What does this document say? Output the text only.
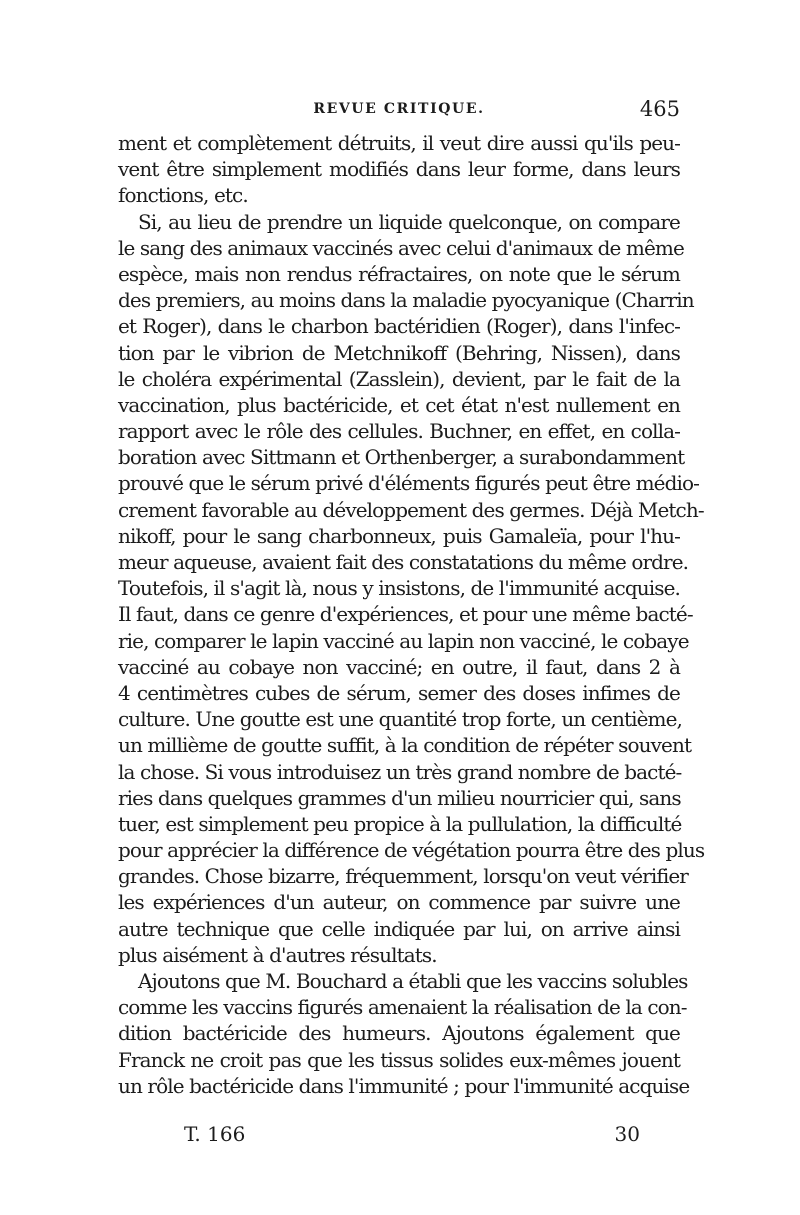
REVUE CRITIQUE.	465
ment et complètement détruits, il veut dire aussi qu'ils peu-
vent être simplement modifiés dans leur forme, dans leurs
fonctions, etc.
Si, au lieu de prendre un liquide quelconque, on compare
le sang des animaux vaccinés avec celui d'animaux de même
espèce, mais non rendus réfractaires, on note que le sérum
des premiers, au moins dans la maladie pyocyanique (Charrin
et Roger), dans le charbon bactéridien (Roger), dans l'infec-
tion par le vibrion de Metchnikoff (Behring, Nissen), dans
le choléra expérimental (Zasslein), devient, par le fait de la
vaccination, plus bactéricide, et cet état n'est nullement en
rapport avec le rôle des cellules. Buchner, en effet, en colla-
boration avec Sittmann et Orthenberger, a surabondamment
prouvé que le sérum privé d'éléments figurés peut être médio-
crement favorable au développement des germes. Déjà Metch-
nikoff, pour le sang charbonneux, puis Gamaleïa, pour l'hu-
meur aqueuse, avaient fait des constatations du même ordre.
Toutefois, il s'agit là, nous y insistons, de l'immunité acquise.
Il faut, dans ce genre d'expériences, et pour une même bacté-
rie, comparer le lapin vacciné au lapin non vacciné, le cobaye
vacciné au cobaye non vacciné; en outre, il faut, dans 2 à
4 centimètres cubes de sérum, semer des doses infimes de
culture. Une goutte est une quantité trop forte, un centième,
un millième de goutte suffit, à la condition de répéter souvent
la chose. Si vous introduisez un très grand nombre de bacté-
ries dans quelques grammes d'un milieu nourricier qui, sans
tuer, est simplement peu propice à la pullulation, la difficulté
pour apprécier la différence de végétation pourra être des plus
grandes. Chose bizarre, fréquemment, lorsqu'on veut vérifier
les expériences d'un auteur, on commence par suivre une
autre technique que celle indiquée par lui, on arrive ainsi
plus aisément à d'autres résultats.
Ajoutons que M. Bouchard a établi que les vaccins solubles
comme les vaccins figurés amenaient la réalisation de la con-
dition bactéricide des humeurs. Ajoutons également que
Franck ne croit pas que les tissus solides eux-mêmes jouent
un rôle bactéricide dans l'immunité ; pour l'immunité acquise
T. 166	30
